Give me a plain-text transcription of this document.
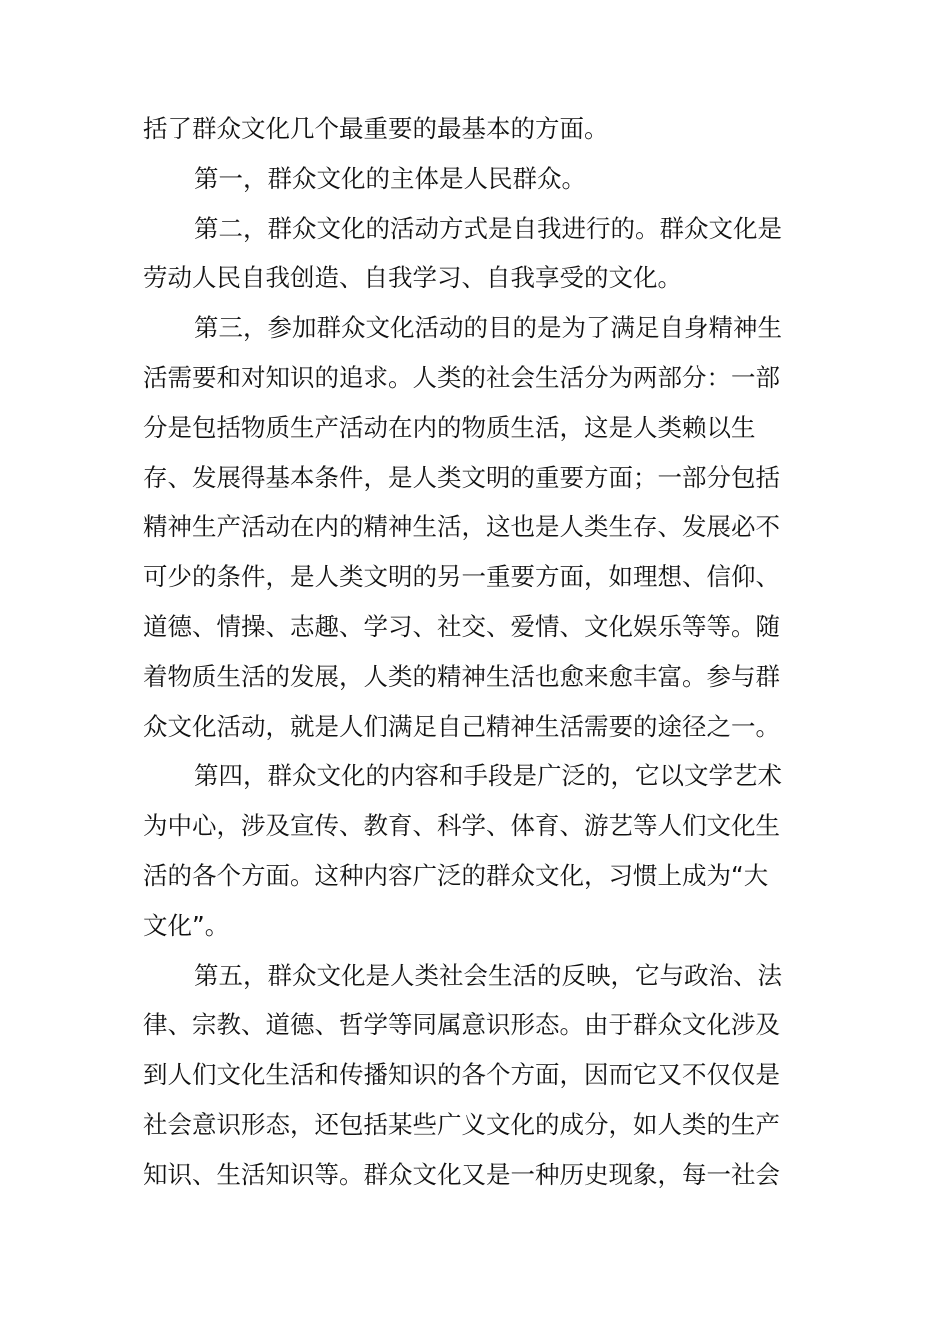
括了群众文化几个最重要的最基本的方面。
第一，群众文化的主体是人民群众。
第二，群众文化的活动方式是自我进行的。群众文化是
劳动人民自我创造、自我学习、自我享受的文化。
第三，参加群众文化活动的目的是为了满足自身精神生
活需要和对知识的追求。人类的社会生活分为两部分：一部
分是包括物质生产活动在内的物质生活，这是人类赖以生
存、发展得基本条件，是人类文明的重要方面；一部分包括
精神生产活动在内的精神生活，这也是人类生存、发展必不
可少的条件，是人类文明的另一重要方面，如理想、信仰、
道德、情操、志趣、学习、社交、爱情、文化娱乐等等。随
着物质生活的发展，人类的精神生活也愈来愈丰富。参与群
众文化活动，就是人们满足自己精神生活需要的途径之一。
第四，群众文化的内容和手段是广泛的，它以文学艺术
为中心，涉及宣传、教育、科学、体育、游艺等人们文化生
活的各个方面。这种内容广泛的群众文化，习惯上成为“大
文化”。
第五，群众文化是人类社会生活的反映，它与政治、法
律、宗教、道德、哲学等同属意识形态。由于群众文化涉及
到人们文化生活和传播知识的各个方面，因而它又不仅仅是
社会意识形态，还包括某些广义文化的成分，如人类的生产
知识、生活知识等。群众文化又是一种历史现象，每一社会
